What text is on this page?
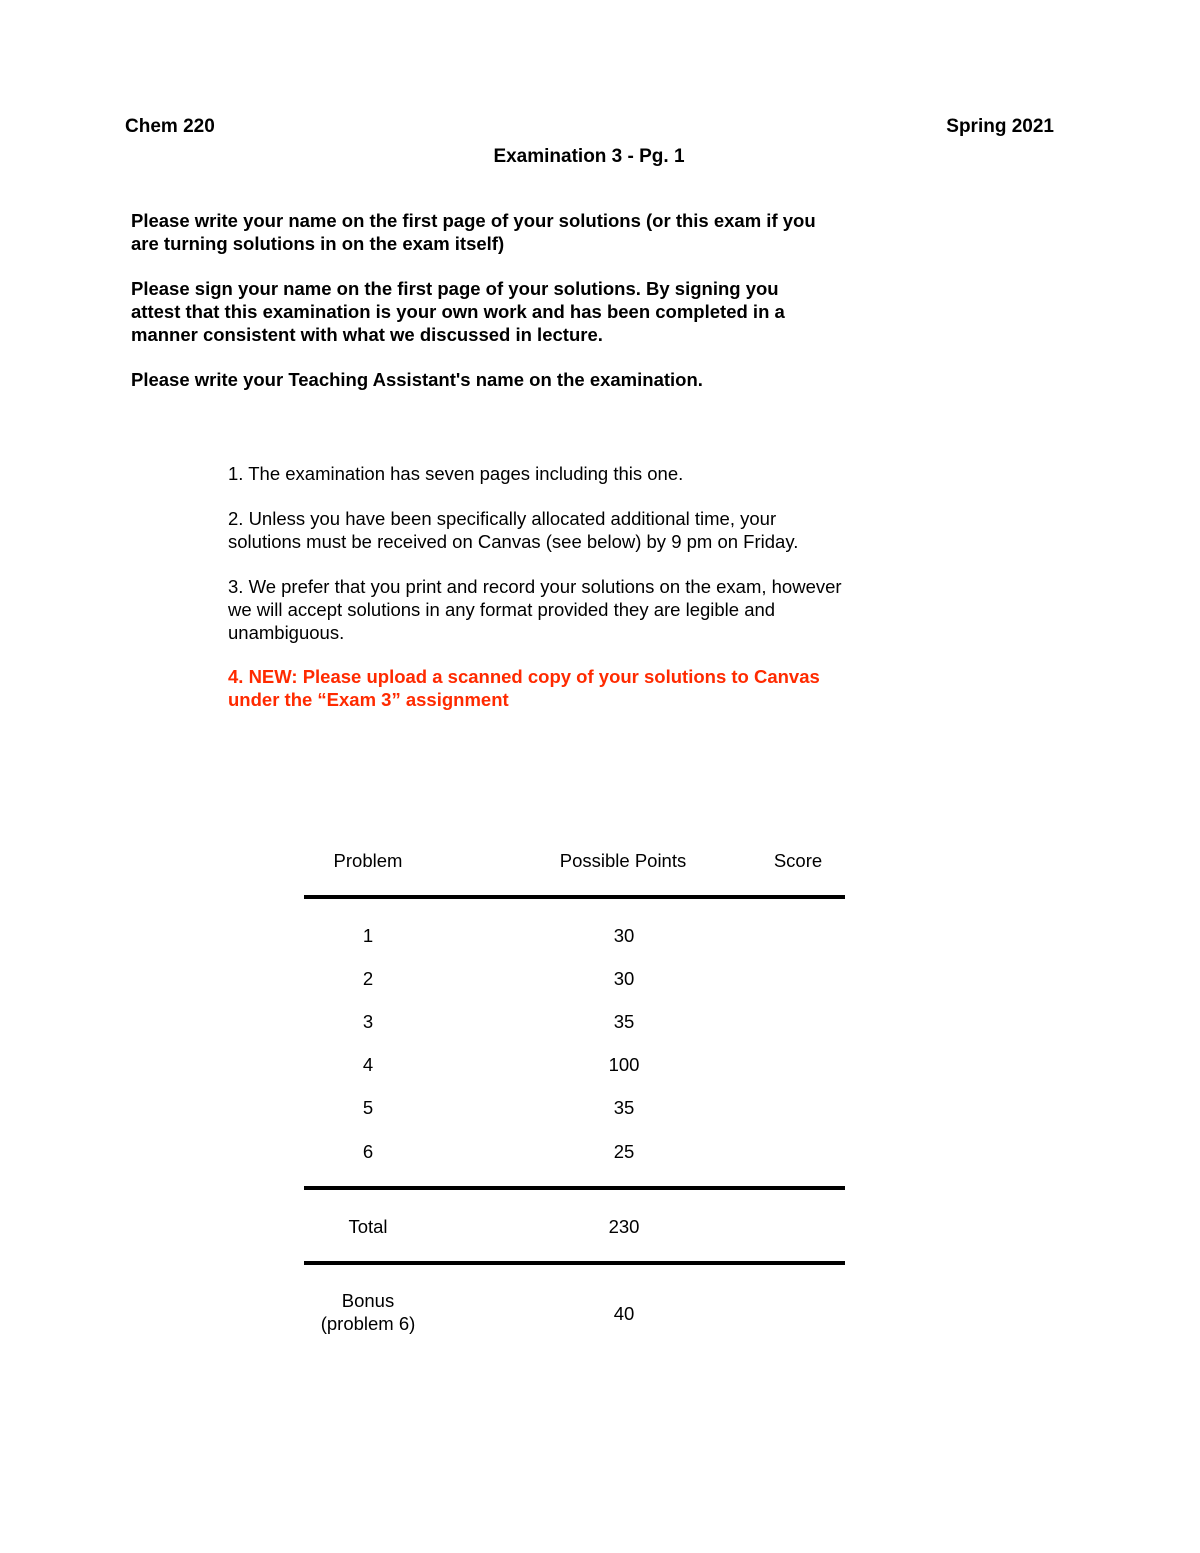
Chem 220	Spring 2021
Examination 3 - Pg. 1
Please write your name on the first page of your solutions (or this exam if you
are turning solutions in on the exam itself)
Please sign your name on the first page of your solutions. By signing you
attest that this examination is your own work and has been completed in a
manner consistent with what we discussed in lecture.
Please write your Teaching Assistant's name on the examination.
1. The examination has seven pages including this one.
2. Unless you have been specifically allocated additional time, your
solutions must be received on Canvas (see below) by 9 pm on Friday.
3. We prefer that you print and record your solutions on the exam, however
we will accept solutions in any format provided they are legible and
unambiguous.
4. NEW: Please upload a scanned copy of your solutions to Canvas
under the “Exam 3” assignment
Problem	Possible Points	Score
1	30
2	30
3	35
4	100
5	35
6	25
Total	230
Bonus
(problem 6)	40
